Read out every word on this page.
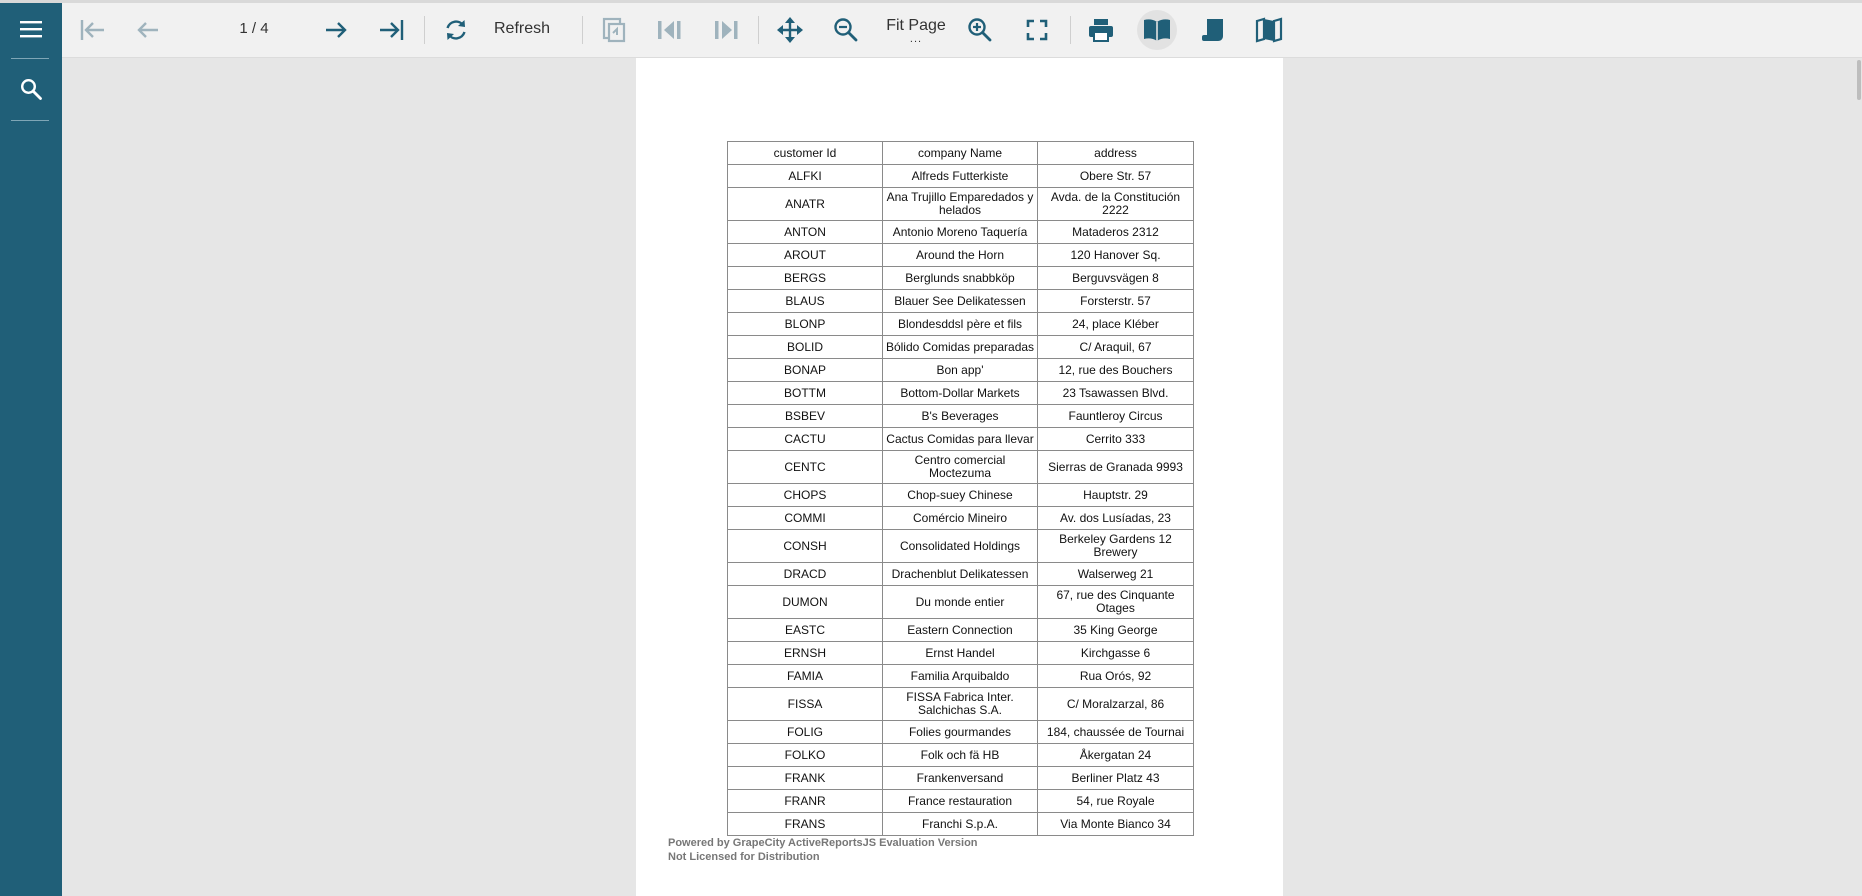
1 / 4	Refresh	Fit Page
...
customer Id	company Name	address
ALFKI	Alfreds Futterkiste	Obere Str. 57
ANATR	Ana Trujillo Emparedados y helados	Avda. de la Constitución 2222
ANTON	Antonio Moreno Taquería	Mataderos 2312
AROUT	Around the Horn	120 Hanover Sq.
BERGS	Berglunds snabbköp	Berguvsvägen 8
BLAUS	Blauer See Delikatessen	Forsterstr. 57
BLONP	Blondesddsl père et fils	24, place Kléber
BOLID	Bólido Comidas preparadas	C/ Araquil, 67
BONAP	Bon app'	12, rue des Bouchers
BOTTM	Bottom-Dollar Markets	23 Tsawassen Blvd.
BSBEV	B's Beverages	Fauntleroy Circus
CACTU	Cactus Comidas para llevar	Cerrito 333
CENTC	Centro comercial Moctezuma	Sierras de Granada 9993
CHOPS	Chop-suey Chinese	Hauptstr. 29
COMMI	Comércio Mineiro	Av. dos Lusíadas, 23
CONSH	Consolidated Holdings	Berkeley Gardens 12 Brewery
DRACD	Drachenblut Delikatessen	Walserweg 21
DUMON	Du monde entier	67, rue des Cinquante Otages
EASTC	Eastern Connection	35 King George
ERNSH	Ernst Handel	Kirchgasse 6
FAMIA	Familia Arquibaldo	Rua Orós, 92
FISSA	FISSA Fabrica Inter. Salchichas S.A.	C/ Moralzarzal, 86
FOLIG	Folies gourmandes	184, chaussée de Tournai
FOLKO	Folk och fä HB	Åkergatan 24
FRANK	Frankenversand	Berliner Platz 43
FRANR	France restauration	54, rue Royale
FRANS	Franchi S.p.A.	Via Monte Bianco 34
Powered by GrapeCity ActiveReportsJS Evaluation Version
Not Licensed for Distribution
